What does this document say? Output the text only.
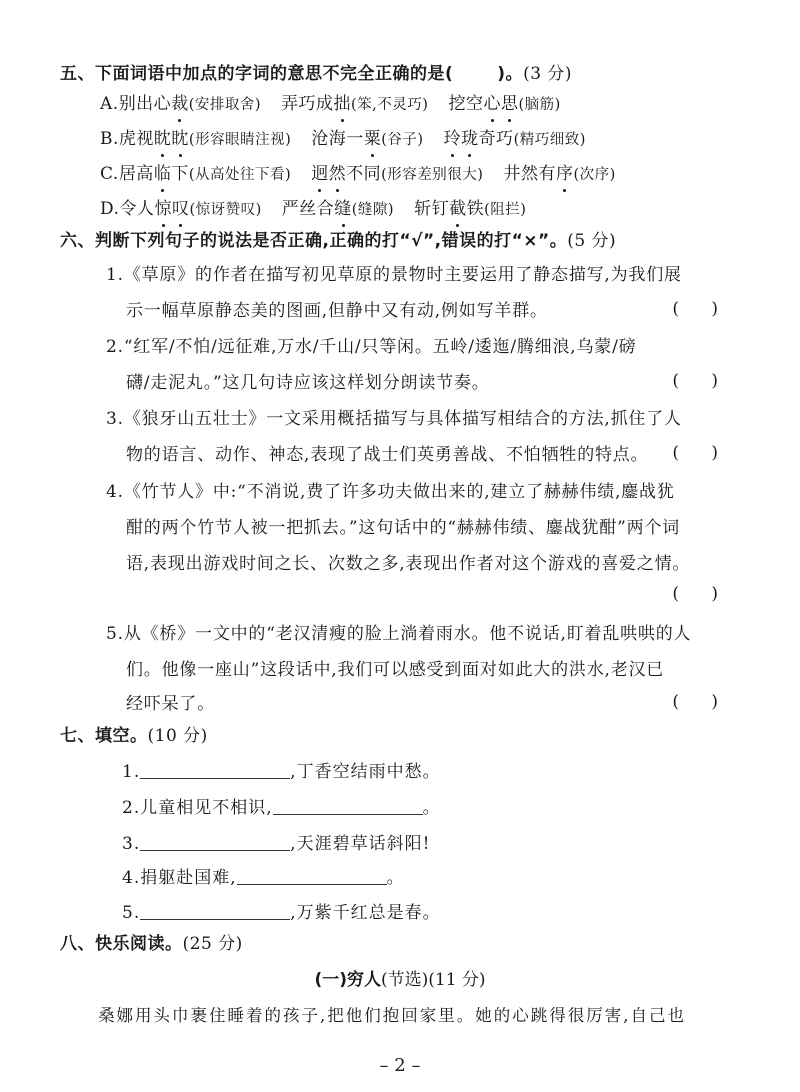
五、下面词语中加点的字词的意思不完全正确的是(	)。(3 分)
A.别出心裁(安排取舍) 弄巧成拙(笨,不灵巧) 挖空心思(脑筋)
B.虎视眈眈(形容眼睛注视) 沧海一粟(谷子) 玲珑奇巧(精巧细致)
C.居高临下(从高处往下看) 迥然不同(形容差别很大) 井然有序(次序)
D.令人惊叹(惊讶赞叹) 严丝合缝(缝隙) 斩钉截铁(阻拦)
六、判断下列句子的说法是否正确,正确的打“√”,错误的打“×”。(5 分)
1.《草原》的作者在描写初见草原的景物时主要运用了静态描写,为我们展
示一幅草原静态美的图画,但静中又有动,例如写羊群。	(      )
2.“红军/不怕/远征难,万水/千山/只等闲。五岭/逶迤/腾细浪,乌蒙/磅
礴/走泥丸。”这几句诗应该这样划分朗读节奏。	(      )
3.《狼牙山五壮士》一文采用概括描写与具体描写相结合的方法,抓住了人
物的语言、动作、神态,表现了战士们英勇善战、不怕牺牲的特点。	(      )
4.《竹节人》中:“不消说,费了许多功夫做出来的,建立了赫赫伟绩,鏖战犹
酣的两个竹节人被一把抓去。”这句话中的“赫赫伟绩、鏖战犹酣”两个词
语,表现出游戏时间之长、次数之多,表现出作者对这个游戏的喜爱之情。
(      )
5.从《桥》一文中的“老汉清瘦的脸上淌着雨水。他不说话,盯着乱哄哄的人
们。他像一座山”这段话中,我们可以感受到面对如此大的洪水,老汉已
经吓呆了。	(      )
七、填空。(10 分)
1.	,丁香空结雨中愁。
2.儿童相见不相识,	。
3.	,天涯碧草话斜阳!
4.捐躯赴国难,	。
5.	,万紫千红总是春。
八、快乐阅读。(25 分)
(一)穷人(节选)(11 分)
桑娜用头巾裹住睡着的孩子,把他们抱回家里。她的心跳得很厉害,自己也
– 2 –
